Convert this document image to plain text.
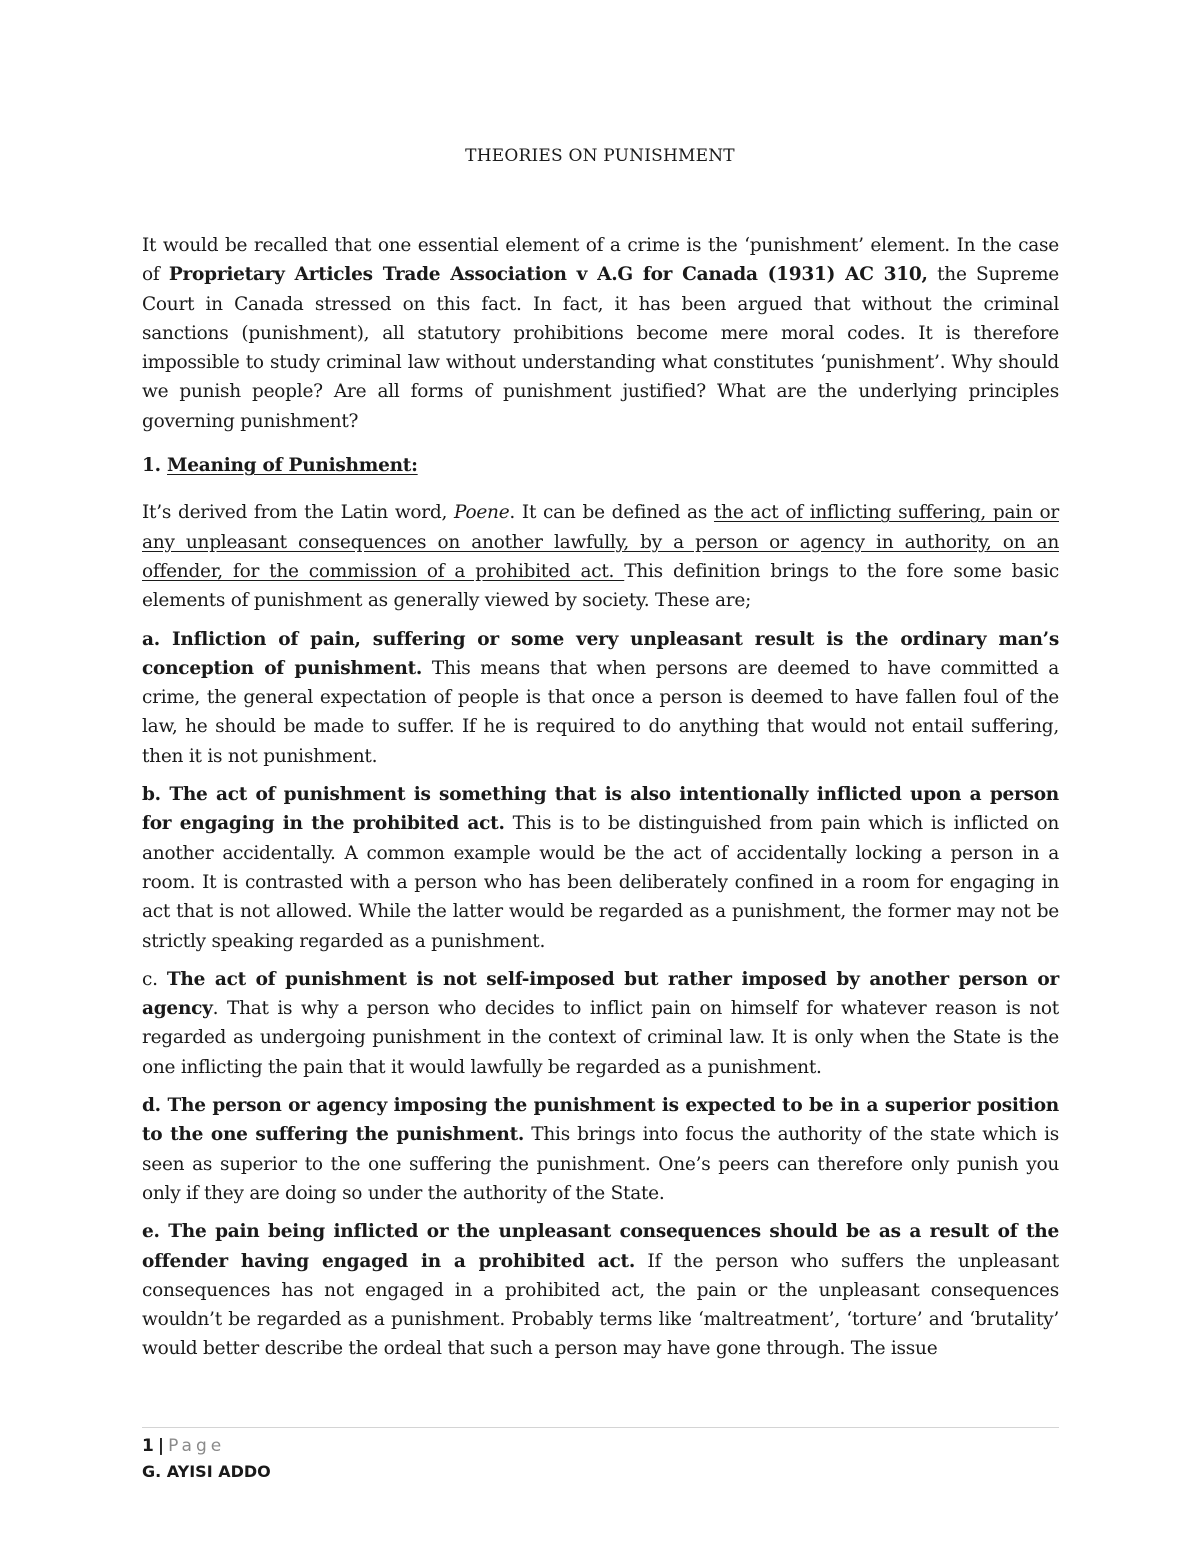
THEORIES ON PUNISHMENT

It would be recalled that one essential element of a crime is the ‘punishment’ element. In the case of Proprietary Articles Trade Association v A.G for Canada (1931) AC 310, the Supreme Court in Canada stressed on this fact. In fact, it has been argued that without the criminal sanctions (punishment), all statutory prohibitions become mere moral codes. It is therefore impossible to study criminal law without understanding what constitutes ‘punishment’. Why should we punish people? Are all forms of punishment justified? What are the underlying principles governing punishment?

1. Meaning of Punishment:

It’s derived from the Latin word, Poene. It can be defined as the act of inflicting suffering, pain or any unpleasant consequences on another lawfully, by a person or agency in authority, on an offender, for the commission of a prohibited act. This definition brings to the fore some basic elements of punishment as generally viewed by society. These are;

a. Infliction of pain, suffering or some very unpleasant result is the ordinary man’s conception of punishment. This means that when persons are deemed to have committed a crime, the general expectation of people is that once a person is deemed to have fallen foul of the law, he should be made to suffer. If he is required to do anything that would not entail suffering, then it is not punishment.

b. The act of punishment is something that is also intentionally inflicted upon a person for engaging in the prohibited act. This is to be distinguished from pain which is inflicted on another accidentally. A common example would be the act of accidentally locking a person in a room. It is contrasted with a person who has been deliberately confined in a room for engaging in act that is not allowed. While the latter would be regarded as a punishment, the former may not be strictly speaking regarded as a punishment.

c. The act of punishment is not self-imposed but rather imposed by another person or agency. That is why a person who decides to inflict pain on himself for whatever reason is not regarded as undergoing punishment in the context of criminal law. It is only when the State is the one inflicting the pain that it would lawfully be regarded as a punishment.

d. The person or agency imposing the punishment is expected to be in a superior position to the one suffering the punishment. This brings into focus the authority of the state which is seen as superior to the one suffering the punishment. One’s peers can therefore only punish you only if they are doing so under the authority of the State.

e. The pain being inflicted or the unpleasant consequences should be as a result of the offender having engaged in a prohibited act. If the person who suffers the unpleasant consequences has not engaged in a prohibited act, the pain or the unpleasant consequences wouldn’t be regarded as a punishment. Probably terms like ‘maltreatment’, ‘torture’ and ‘brutality’ would better describe the ordeal that such a person may have gone through. The issue

1 | Page
G. AYISI ADDO
